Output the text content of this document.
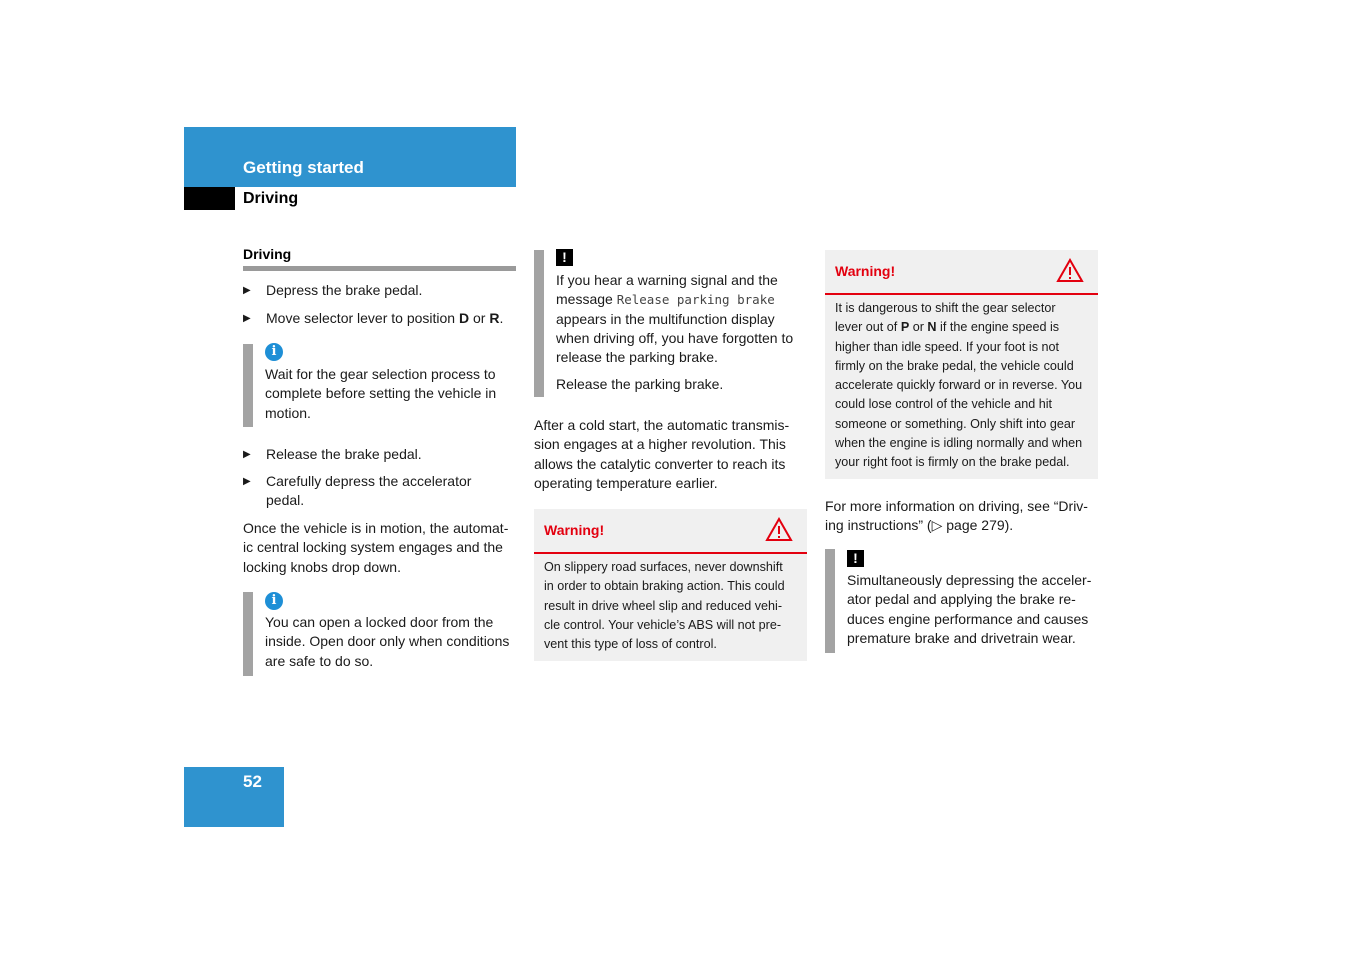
Getting started
Driving
Driving
▶ Depress the brake pedal.
▶ Move selector lever to position D or R.
i
Wait for the gear selection process to
complete before setting the vehicle in
motion.
▶ Release the brake pedal.
▶ Carefully depress the accelerator
pedal.
Once the vehicle is in motion, the automat-
ic central locking system engages and the
locking knobs drop down.
i
You can open a locked door from the
inside. Open door only when conditions
are safe to do so.
!
If you hear a warning signal and the
message Release parking brake
appears in the multifunction display
when driving off, you have forgotten to
release the parking brake.
Release the parking brake.
After a cold start, the automatic transmis-
sion engages at a higher revolution. This
allows the catalytic converter to reach its
operating temperature earlier.
Warning!
On slippery road surfaces, never downshift
in order to obtain braking action. This could
result in drive wheel slip and reduced vehi-
cle control. Your vehicle’s ABS will not pre-
vent this type of loss of control.
Warning!
It is dangerous to shift the gear selector
lever out of P or N if the engine speed is
higher than idle speed. If your foot is not
firmly on the brake pedal, the vehicle could
accelerate quickly forward or in reverse. You
could lose control of the vehicle and hit
someone or something. Only shift into gear
when the engine is idling normally and when
your right foot is firmly on the brake pedal.
For more information on driving, see “Driv-
ing instructions” (▷ page 279).
!
Simultaneously depressing the acceler-
ator pedal and applying the brake re-
duces engine performance and causes
premature brake and drivetrain wear.
52
